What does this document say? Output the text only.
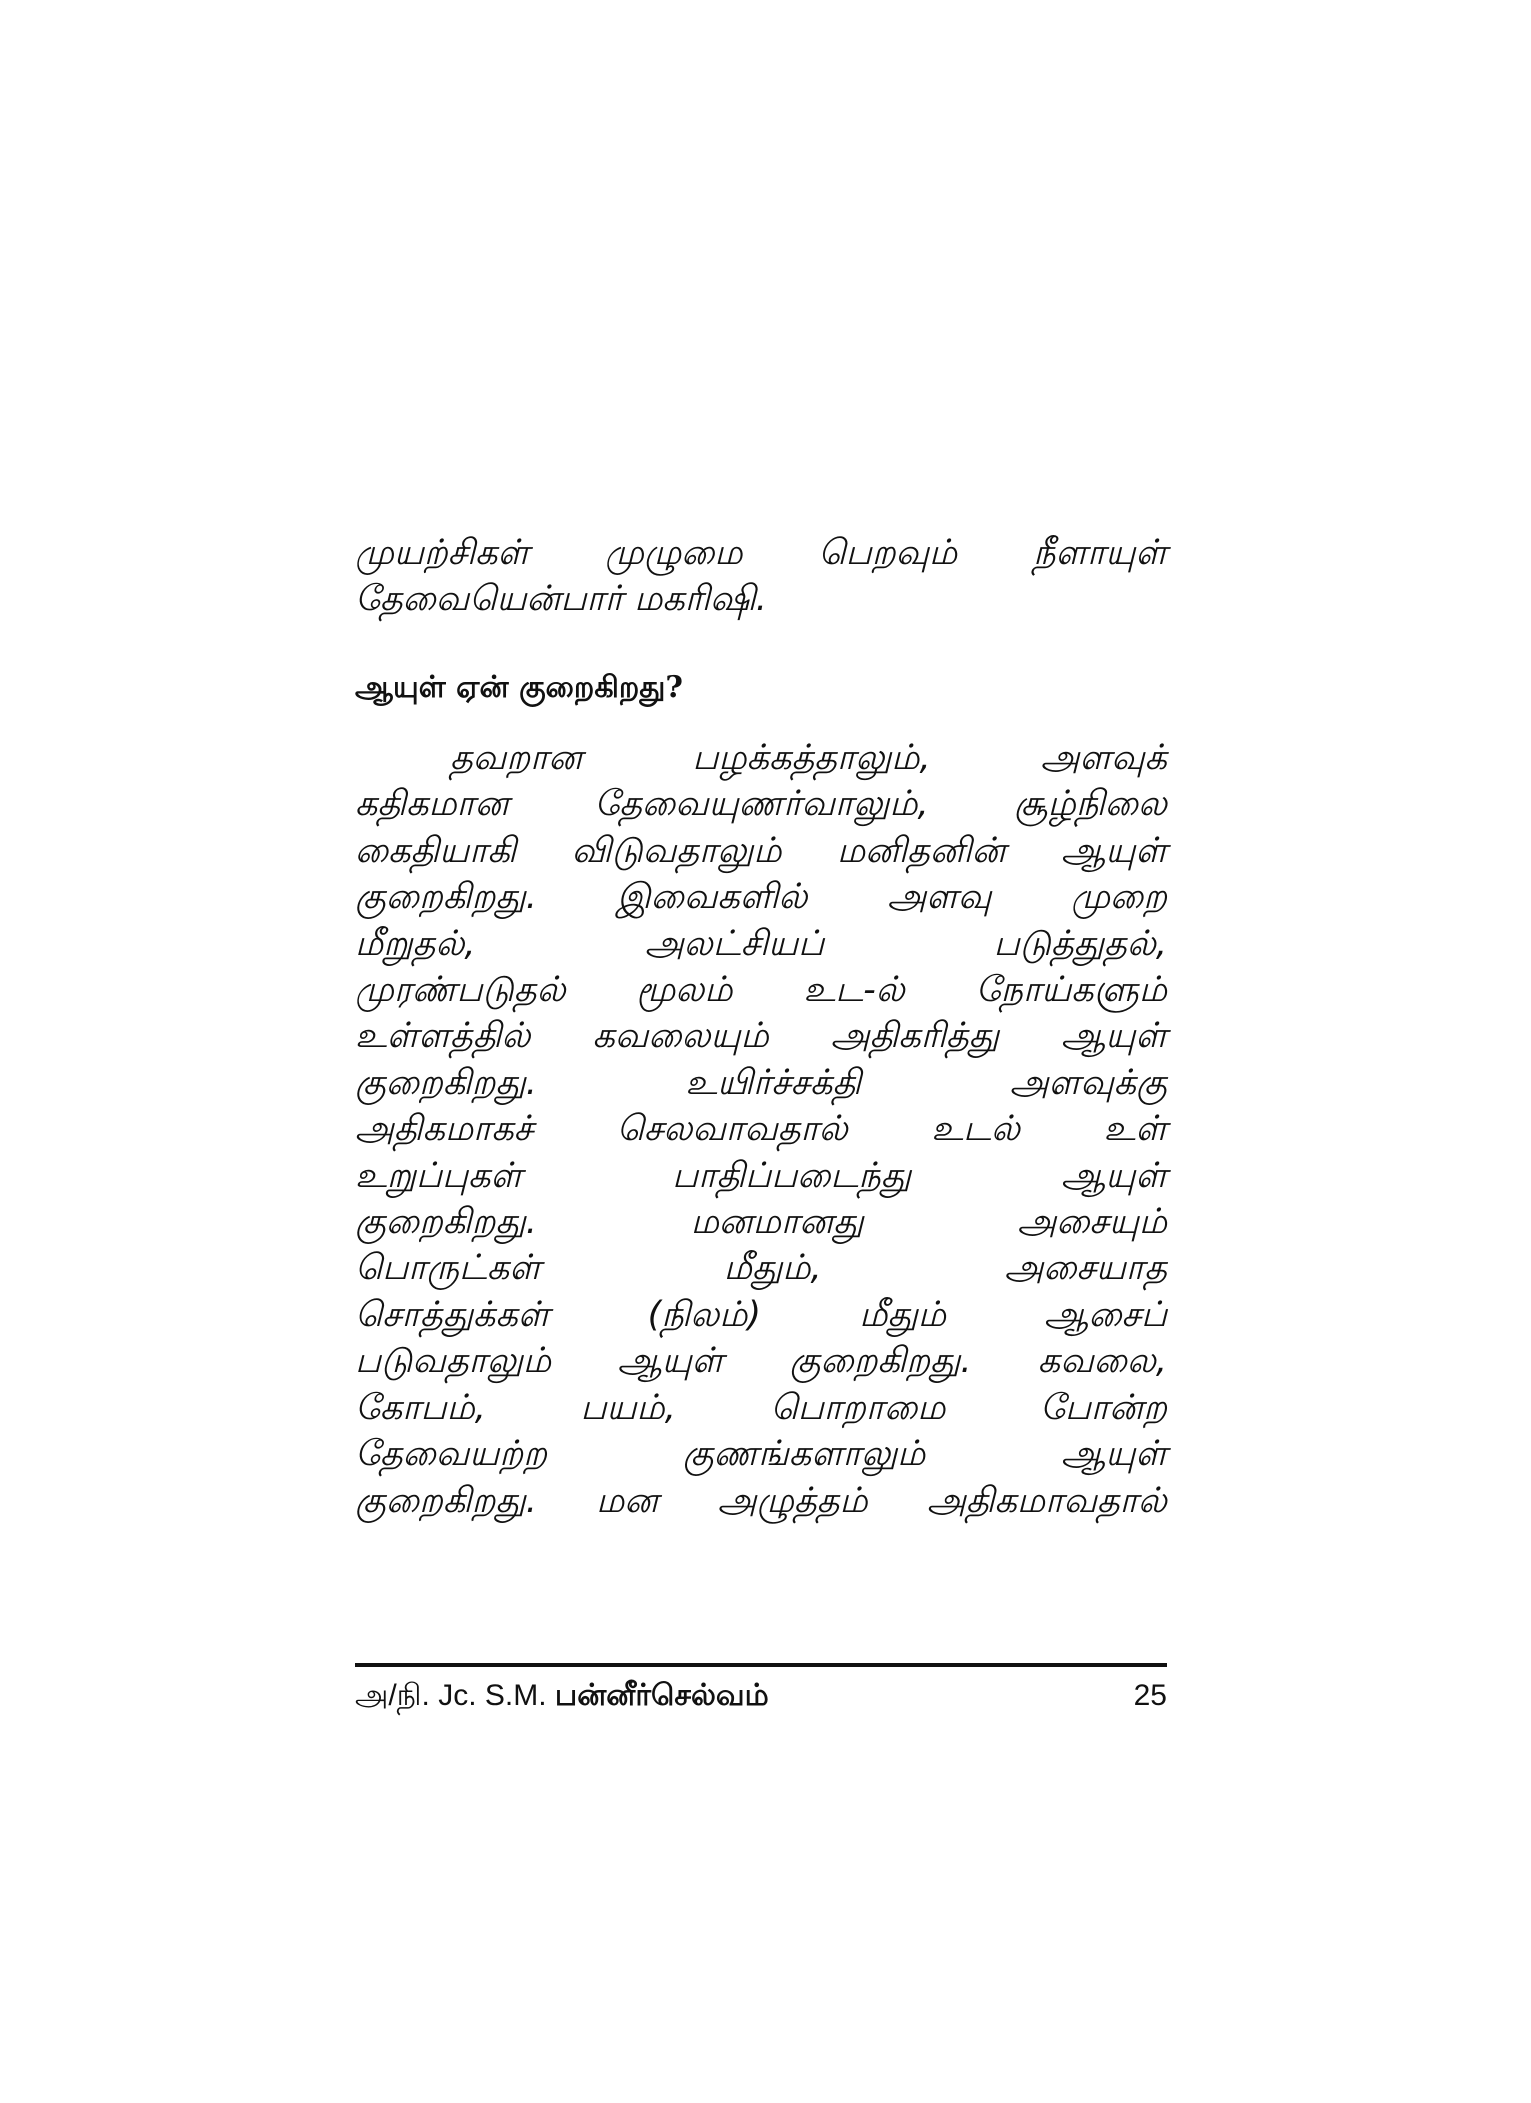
முயற்சிகள் முழுமை பெறவும் நீளாயுள்
தேவையென்பார் மகரிஷி.
ஆயுள் ஏன் குறைகிறது?
தவறான பழக்கத்தாலும், அளவுக்
கதிகமான தேவையுணர்வாலும், சூழ்நிலை
கைதியாகி விடுவதாலும் மனிதனின் ஆயுள்
குறைகிறது. இவைகளில் அளவு முறை
மீறுதல், அலட்சியப் படுத்துதல்,
முரண்படுதல் மூலம் உட-ல் நோய்களும்
உள்ளத்தில் கவலையும் அதிகரித்து ஆயுள்
குறைகிறது. உயிர்ச்சக்தி அளவுக்கு
அதிகமாகச் செலவாவதால் உடல் உள்
உறுப்புகள் பாதிப்படைந்து ஆயுள்
குறைகிறது. மனமானது அசையும்
பொருட்கள் மீதும், அசையாத
சொத்துக்கள் (நிலம்) மீதும் ஆசைப்
படுவதாலும் ஆயுள் குறைகிறது. கவலை,
கோபம், பயம், பொறாமை போன்ற
தேவையற்ற குணங்களாலும் ஆயுள்
குறைகிறது. மன அழுத்தம் அதிகமாவதால்
அ/நி. Jc. S.M. பன்னீர்செல்வம்	25
